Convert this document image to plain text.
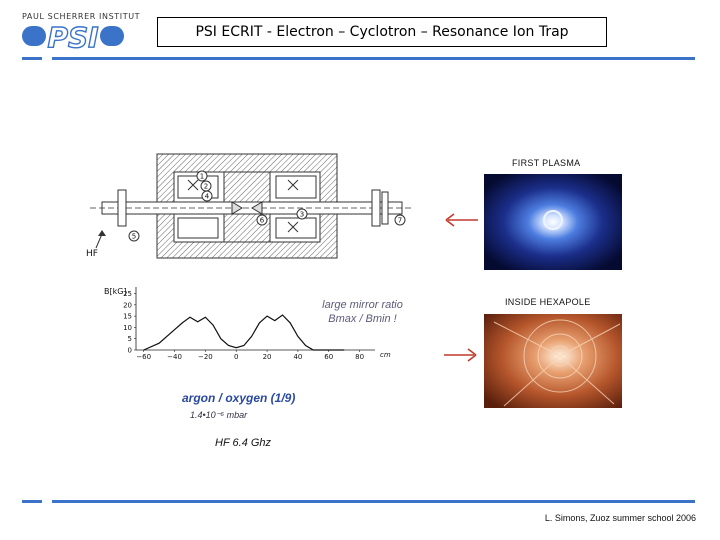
PAUL SCHERRER INSTITUT
PSI	PSI ECRIT - Electron – Cyclotron – Resonance Ion Trap
1
2
3
4
5
6	7
HF
B[kG]
25
20
15
10
5
0
−60 −40 −20	0	20	40	60	80 cm
large mirror ratio
Bmax / Bmin !
FIRST PLASMA
INSIDE HEXAPOLE
argon / oxygen (1/9)
1.4•10⁻⁶ mbar
HF 6.4 Ghz
L. Simons, Zuoz summer school 2006
